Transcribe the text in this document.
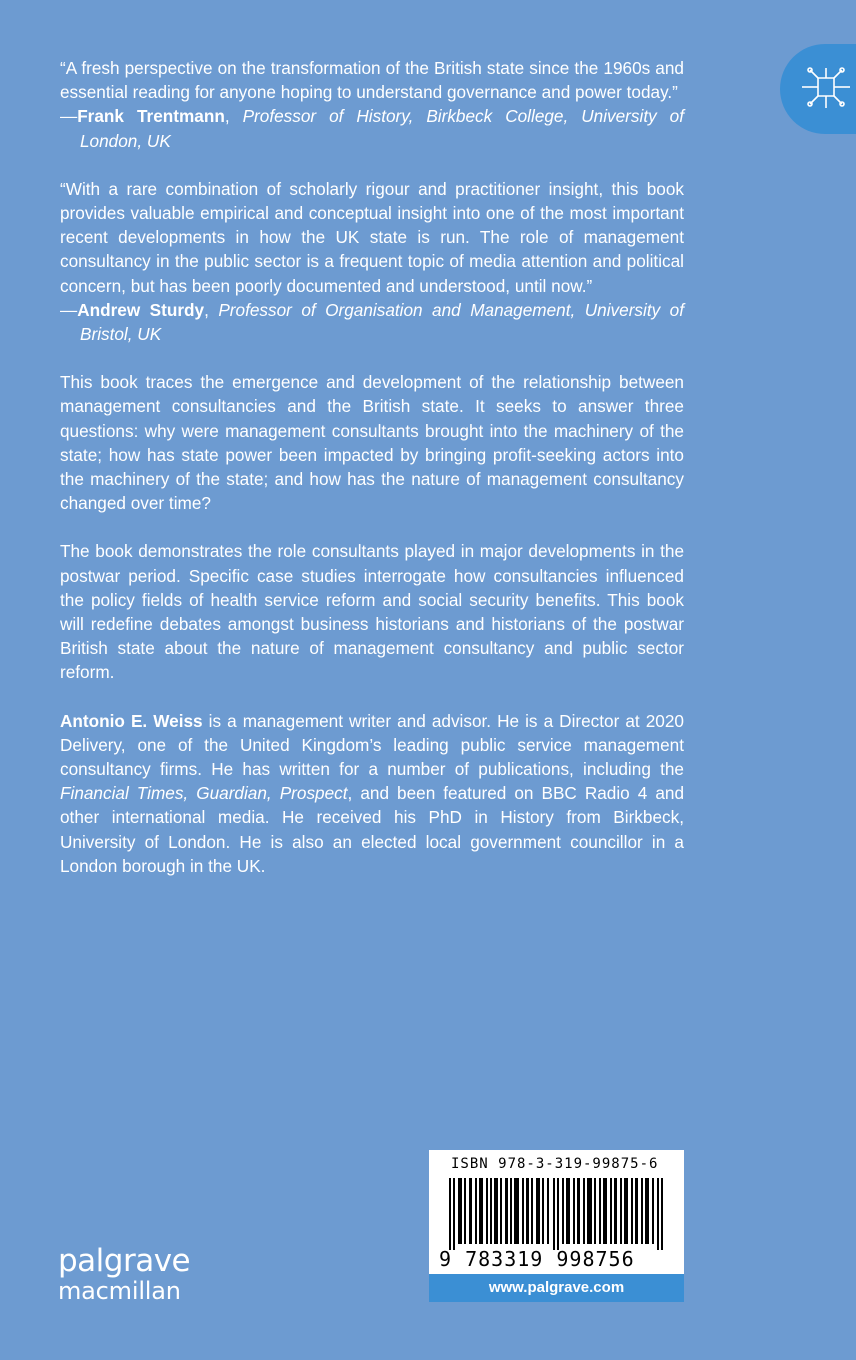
“A fresh perspective on the transformation of the British state since the 1960s and essential reading for anyone hoping to understand governance and power today.”

—Frank Trentmann, Professor of History, Birkbeck College, University of London, UK

“With a rare combination of scholarly rigour and practitioner insight, this book provides valuable empirical and conceptual insight into one of the most important recent developments in how the UK state is run. The role of management consultancy in the public sector is a frequent topic of media attention and political concern, but has been poorly documented and understood, until now.”

—Andrew Sturdy, Professor of Organisation and Management, University of Bristol, UK

This book traces the emergence and development of the relationship between management consultancies and the British state. It seeks to answer three questions: why were management consultants brought into the machinery of the state; how has state power been impacted by bringing profit-seeking actors into the machinery of the state; and how has the nature of management consultancy changed over time?

The book demonstrates the role consultants played in major developments in the postwar period. Specific case studies interrogate how consultancies influenced the policy fields of health service reform and social security benefits. This book will redefine debates amongst business historians and historians of the postwar British state about the nature of management consultancy and public sector reform.

Antonio E. Weiss is a management writer and advisor. He is a Director at 2020 Delivery, one of the United Kingdom’s leading public service management consultancy firms. He has written for a number of publications, including the Financial Times, Guardian, Prospect, and been featured on BBC Radio 4 and other international media. He received his PhD in History from Birkbeck, University of London. He is also an elected local government councillor in a London borough in the UK.

palgrave
macmillan
ISBN 978-3-319-99875-6
9 783319 998756
www.palgrave.com
